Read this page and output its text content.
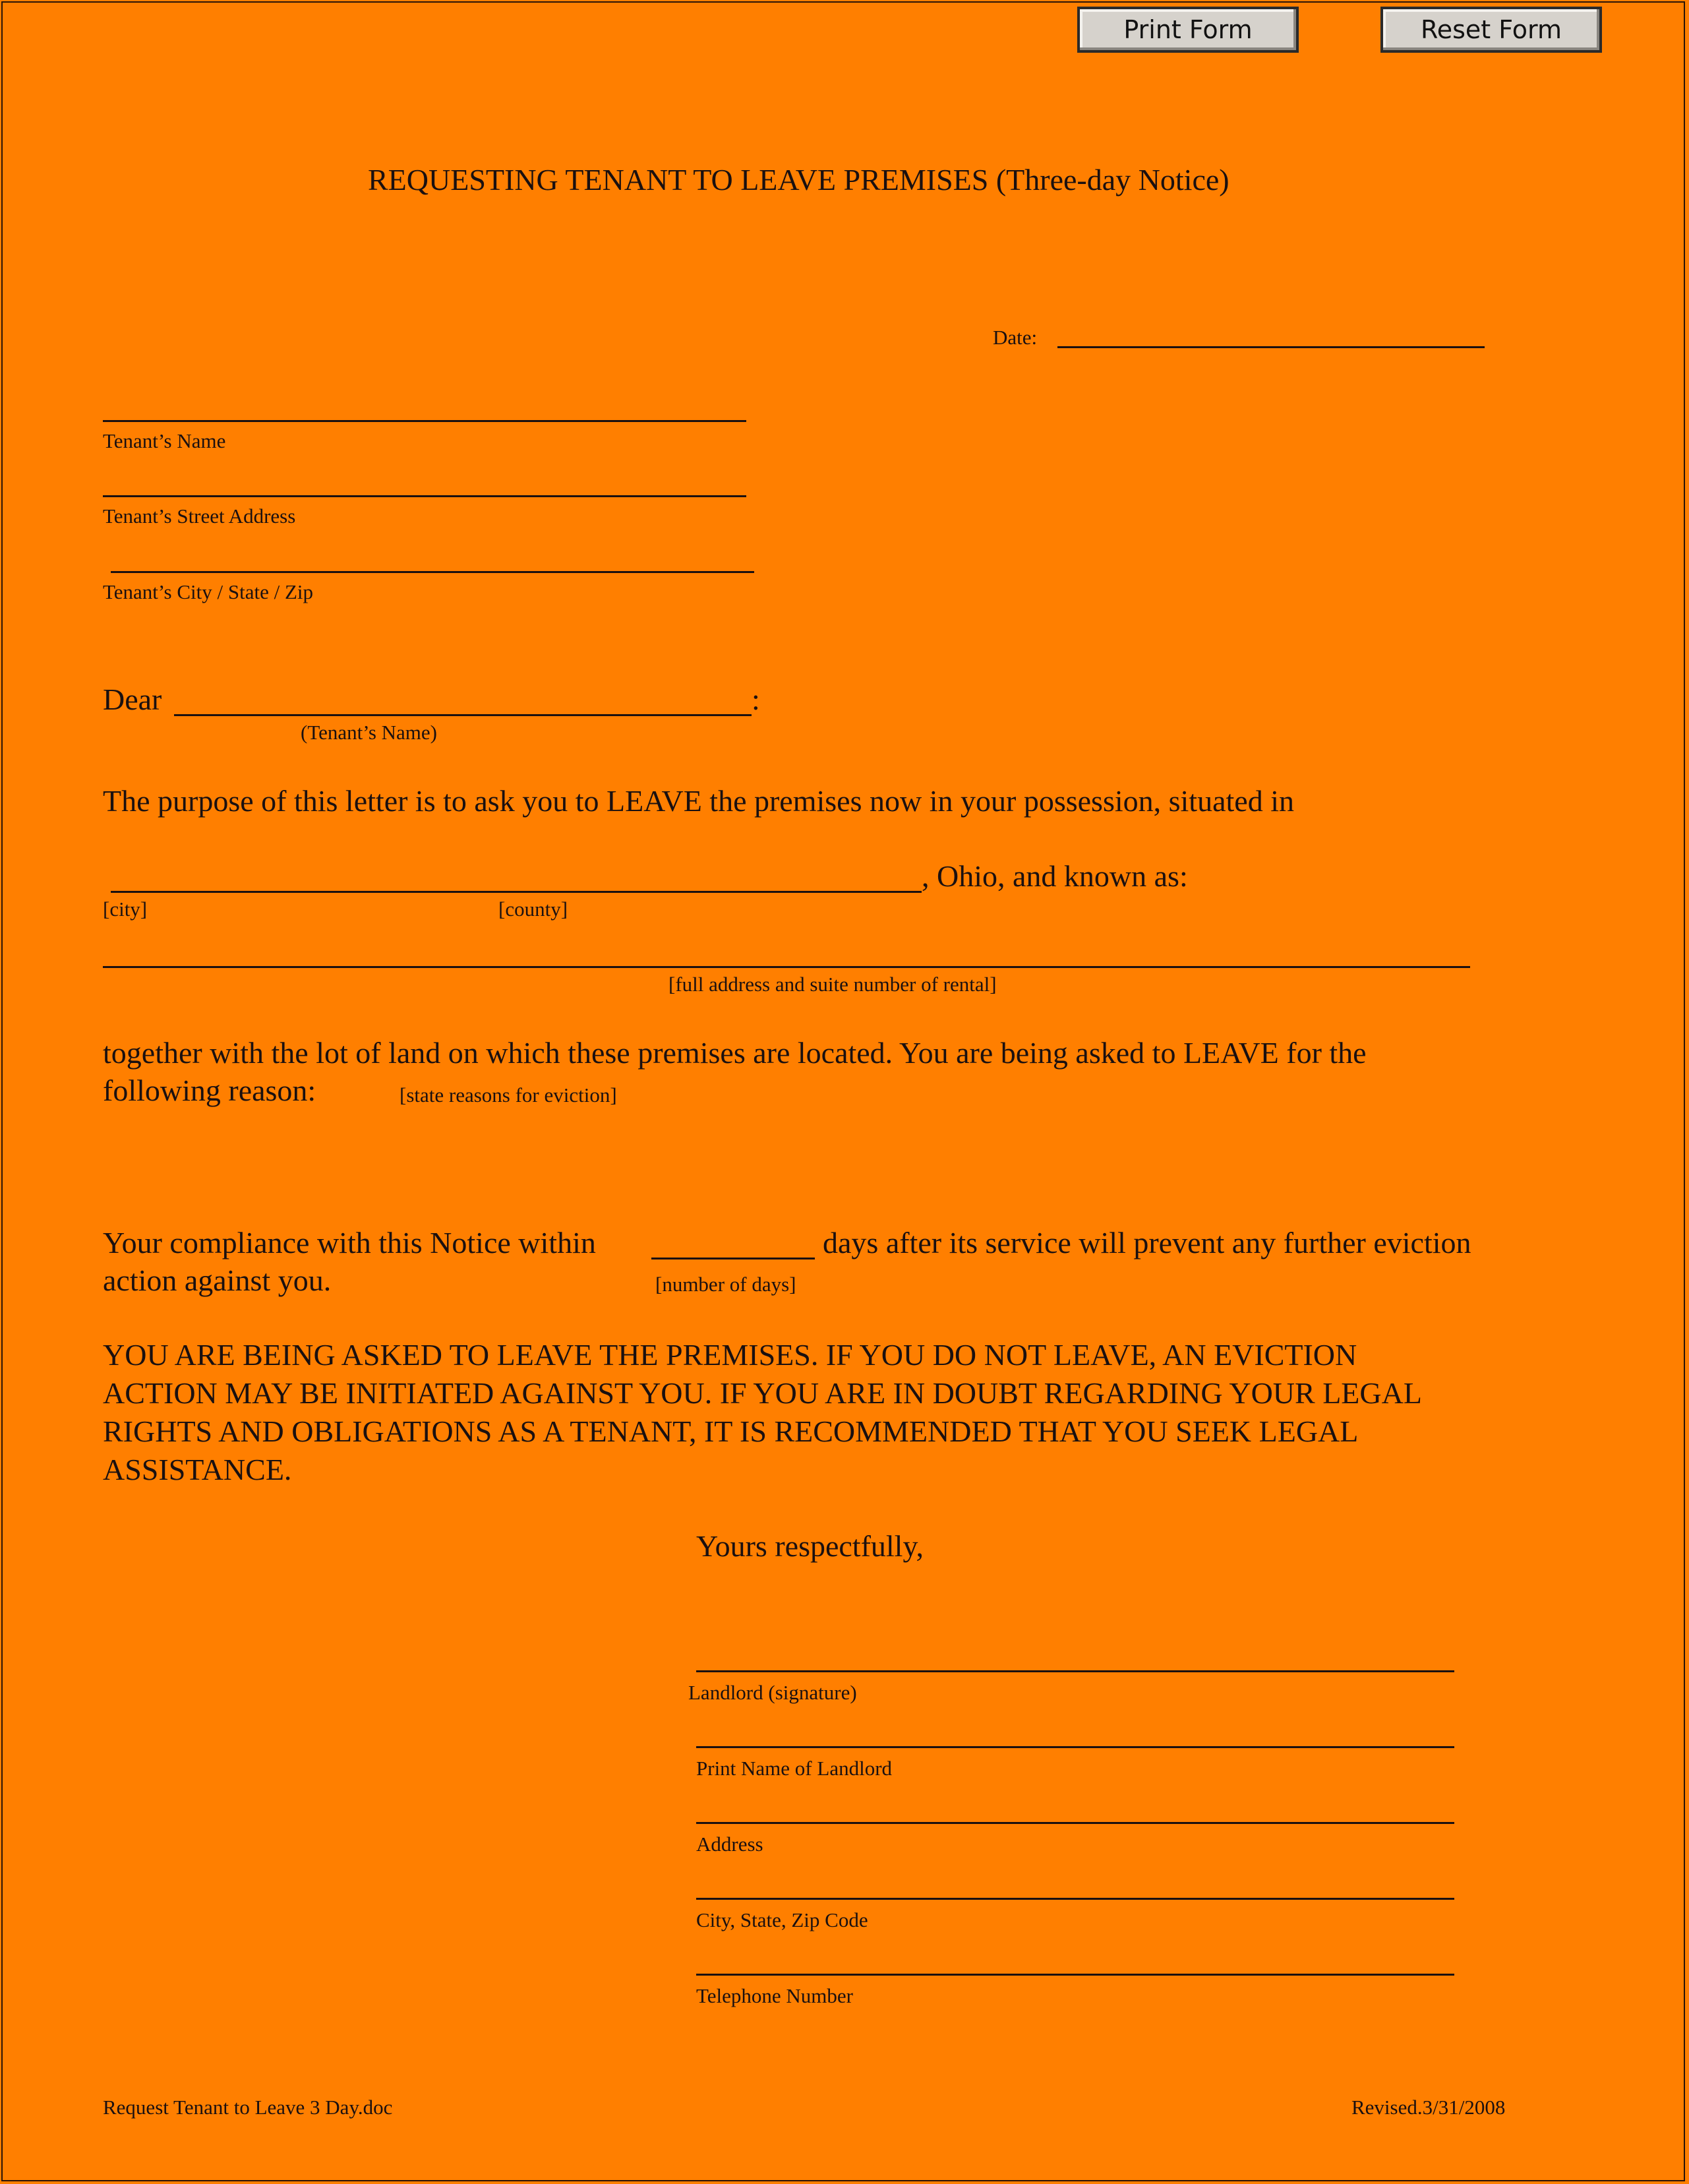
Print Form	Reset Form
REQUESTING TENANT TO LEAVE PREMISES (Three-day Notice)
Date:
Tenant’s Name
Tenant’s Street Address
Tenant’s City / State / Zip
Dear	:
(Tenant’s Name)
The purpose of this letter is to ask you to LEAVE the premises now in your possession, situated in
, Ohio, and known as:
[city]	[county]
[full address and suite number of rental]
together with the lot of land on which these premises are located. You are being asked to LEAVE for the
following reason:	[state reasons for eviction]
Your compliance with this Notice within	days after its service will prevent any further eviction
action against you.	[number of days]
YOU ARE BEING ASKED TO LEAVE THE PREMISES. IF YOU DO NOT LEAVE, AN EVICTION
ACTION MAY BE INITIATED AGAINST YOU. IF YOU ARE IN DOUBT REGARDING YOUR LEGAL
RIGHTS AND OBLIGATIONS AS A TENANT, IT IS RECOMMENDED THAT YOU SEEK LEGAL
ASSISTANCE.
Yours respectfully,
Landlord (signature)
Print Name of Landlord
Address
City, State, Zip Code
Telephone Number
Request Tenant to Leave 3 Day.doc	Revised.3/31/2008
